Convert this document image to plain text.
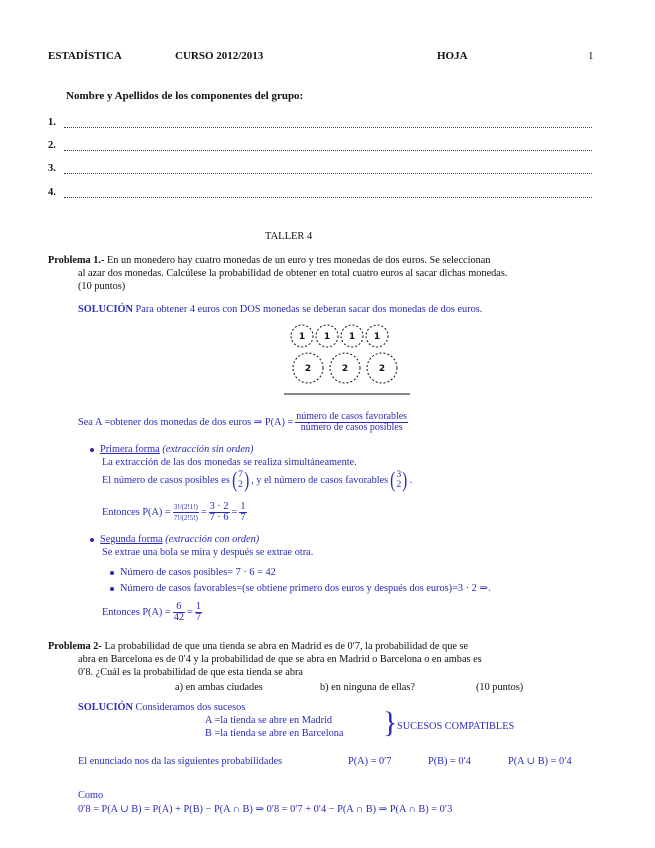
ESTADÍSTICA	CURSO 2012/2013	HOJA	1
Nombre y Apellidos de los componentes del grupo:
1.
2.
3.
4.
TALLER 4
Problema 1.- En un monedero hay cuatro monedas de un euro y tres monedas de dos euros. Se seleccionan
al azar dos monedas. Calcúlese la probabilidad de obtener en total cuatro euros al sacar dichas monedas.
(10 puntos)
SOLUCIÓN Para obtener 4 euros con DOS monedas se deberan sacar dos monedas de dos euros.
1 1 1 1
2	2	2
Sea A =obtener dos monedas de dos euros ⇒ $P(A) = \frac{\text{número de casos favorables}}{\text{número de casos posibles}}$
Primera forma (extracción sin orden)
La extracción de las dos monedas se realiza simultáneamente.
El número de casos posibles es ( 7
2 ) , y el número de casos favorables ( 3
2 ) .
Entonces $P(A) = \frac{3!/(2!1!)}{7!/(2!5!)} = \frac{3 \cdot 2}{7 \cdot 6} = \frac{1}{7}$
Segunda forma (extracción con orden)
Se extrae una bola se mira y después se extrae otra.
Número de casos posibles= 7 · 6 = 42
Número de casos favorables=(se obtiene primero dos euros y después dos euros)=3 · 2 ⇒.
Entonces $P(A) = \frac{6}{42} = \frac{1}{7}$
Problema 2- La probabilidad de que una tienda se abra en Madrid es de 0′7, la probabilidad de que se
abra en Barcelona es de 0′4 y la probabilidad de que se abra en Madrid o Barcelona o en ambas es
0′8. ¿Cuál es la probabilidad de que esta tienda se abra
a) en ambas ciudades	b) en ninguna de ellas?	(10 puntos)
SOLUCIÓN Consideramos dos sucesos
A =la tienda se abre en Madrid
B =la tienda se abre en Barcelona } SUCESOS COMPATIBLES
El enunciado nos da las siguientes probabilidades	P(A) = 0′7	P(B) = 0′4	P(A ∪ B) = 0′4
Como
0′8 = P(A ∪ B) = P(A) + P(B) − P(A ∩ B) ⇒ 0′8 = 0′7 + 0′4 − P(A ∩ B) ⇒ P(A ∩ B) = 0′3
